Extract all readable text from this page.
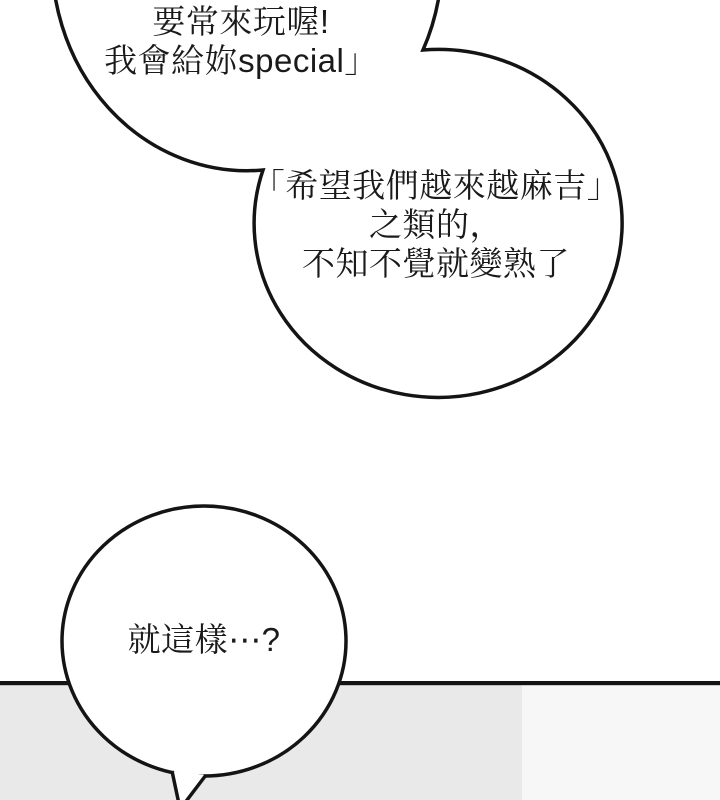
要常來玩喔!
我會給妳special」
「希望我們越來越麻吉」
之類的，
不知不覺就變熟了
就這樣⋯?
